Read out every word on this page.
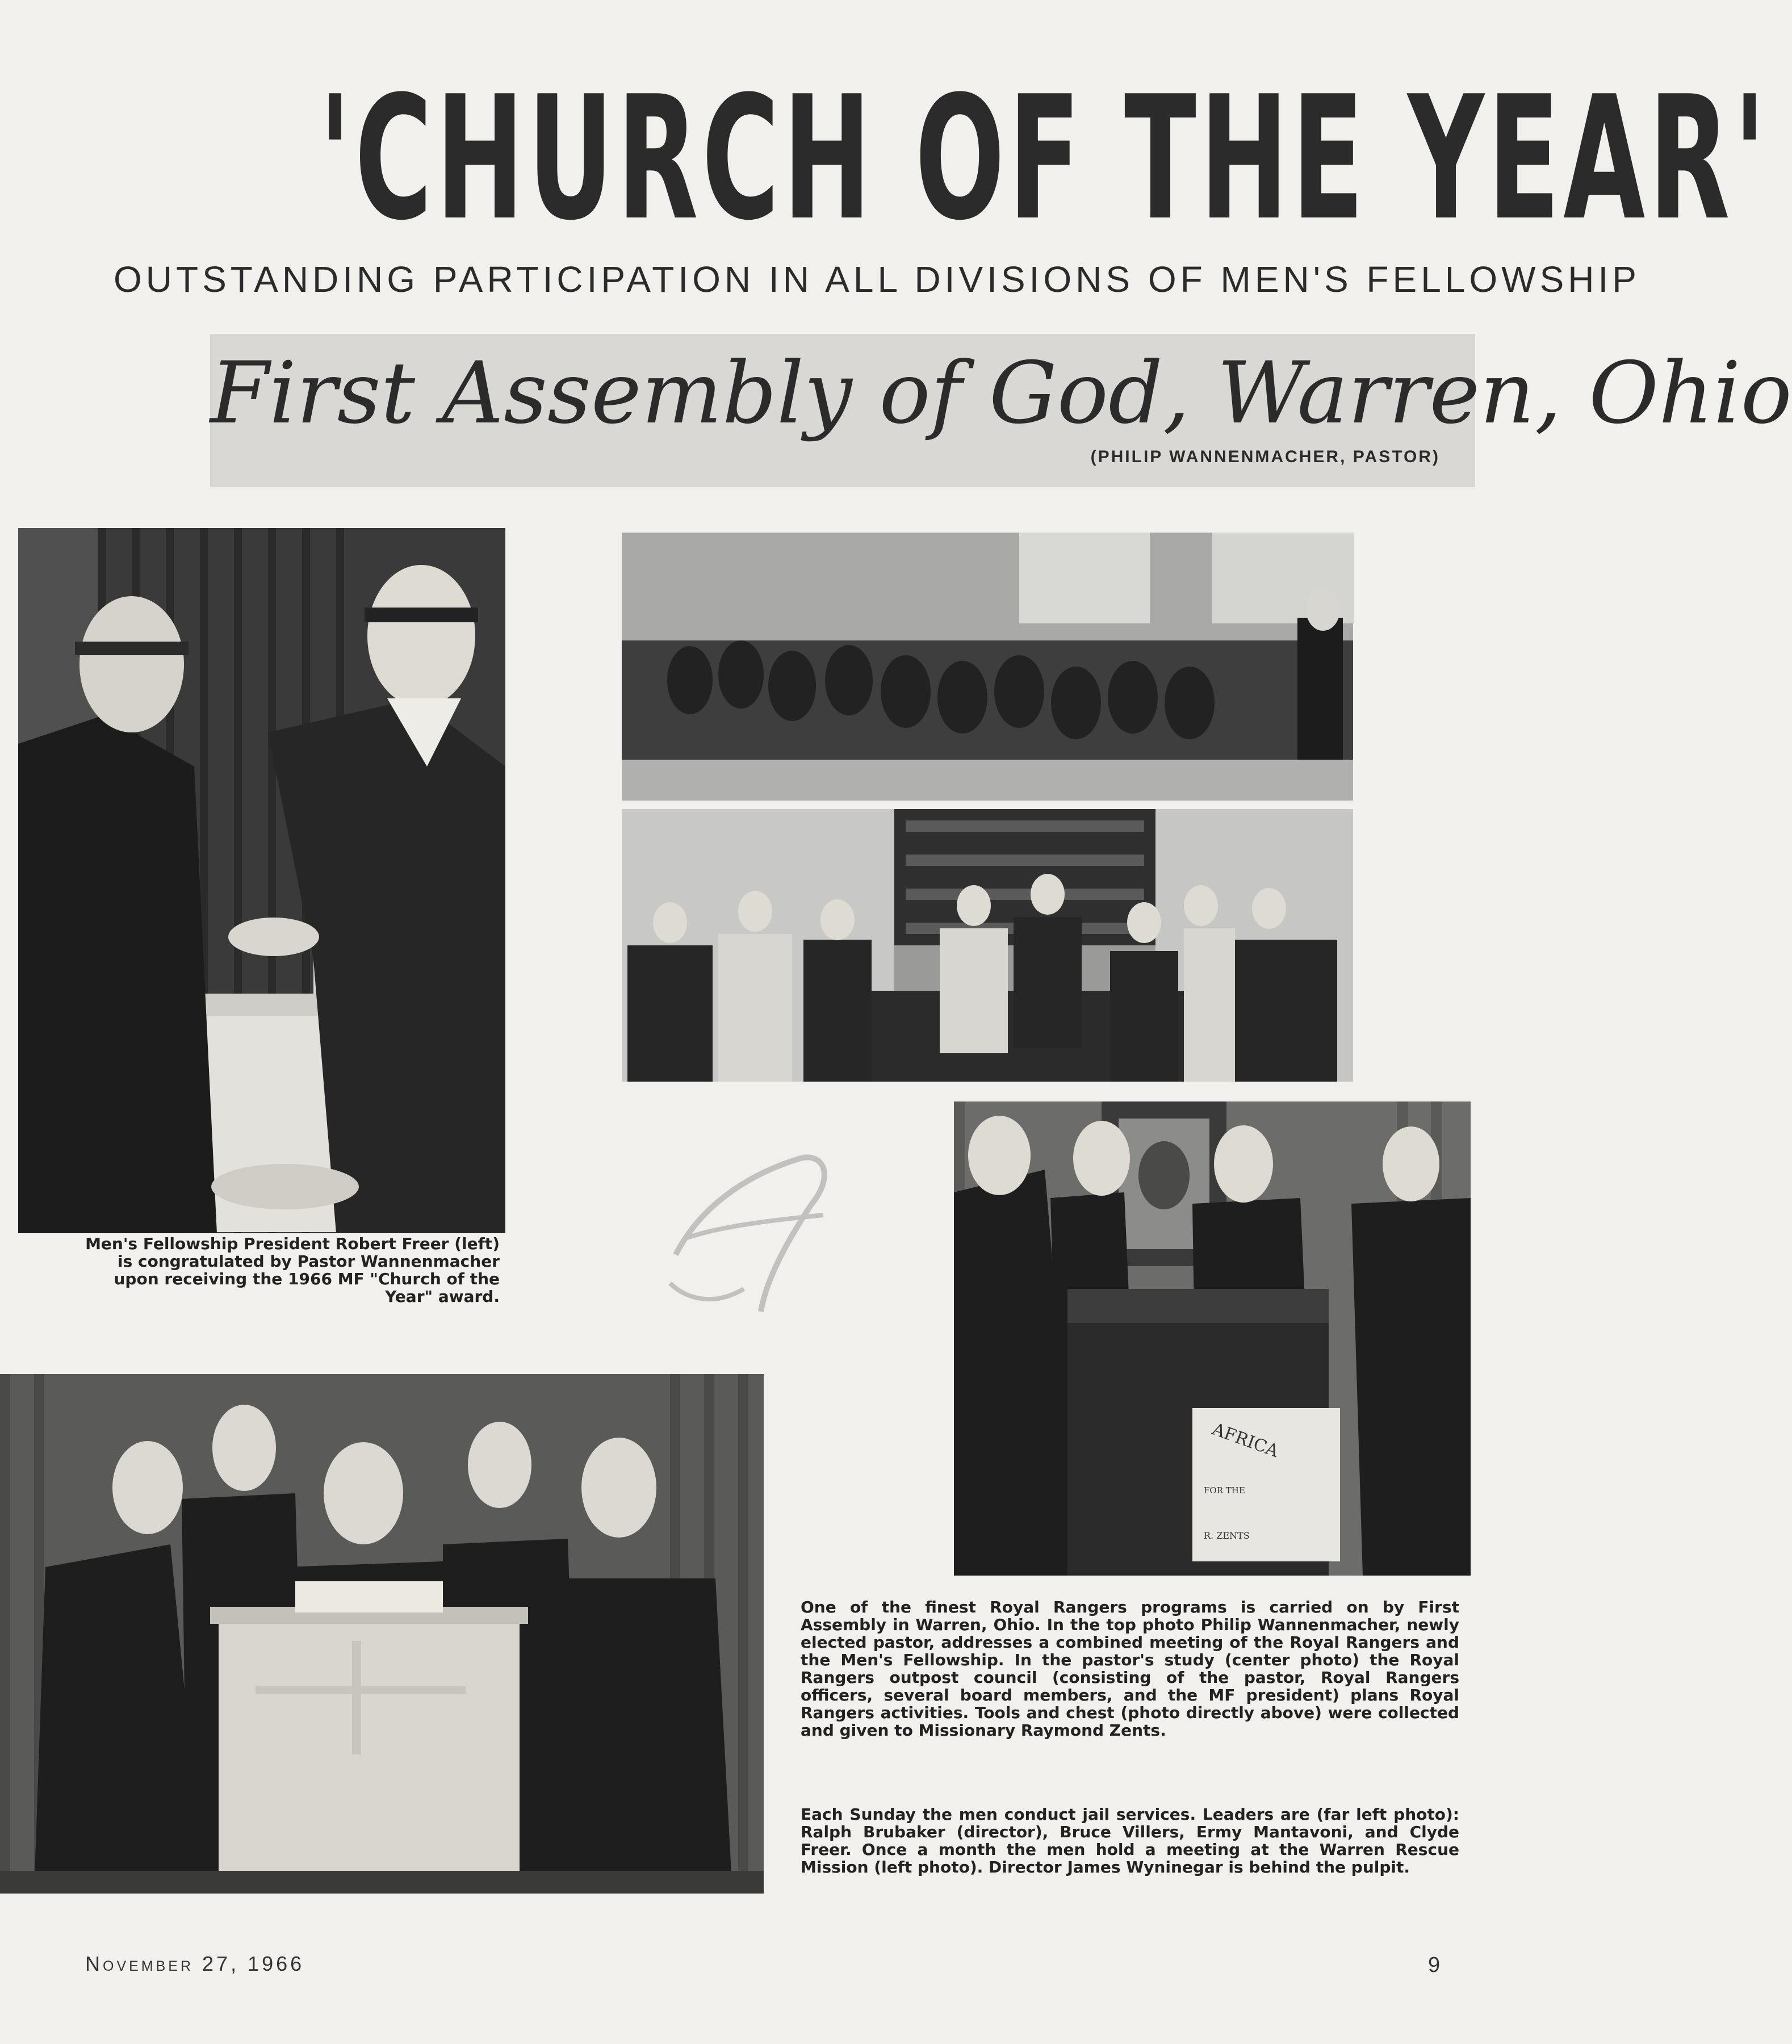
'CHURCH OF THE YEAR'
OUTSTANDING PARTICIPATION IN ALL DIVISIONS OF MEN'S FELLOWSHIP
First Assembly of God, Warren, Ohio
(PHILIP WANNENMACHER, PASTOR)
AFRICA
FOR THE
R. ZENTS
Men's Fellowship President Robert Freer (left) is congratulated by Pastor Wannenmacher upon receiving the 1966 MF "Church of the Year" award.
One of the finest Royal Rangers programs is carried on by First Assembly in Warren, Ohio. In the top photo Philip Wannenmacher, newly elected pastor, addresses a combined meeting of the Royal Rangers and the Men's Fellowship. In the pastor's study (center photo) the Royal Rangers outpost council (consisting of the pastor, Royal Rangers officers, several board members, and the MF president) plans Royal Rangers activities. Tools and chest (photo directly above) were collected and given to Missionary Raymond Zents.
Each Sunday the men conduct jail services. Leaders are (far left photo): Ralph Brubaker (director), Bruce Villers, Ermy Mantavoni, and Clyde Freer. Once a month the men hold a meeting at the Warren Rescue Mission (left photo). Director James Wyninegar is behind the pulpit.
November 27, 1966	9
